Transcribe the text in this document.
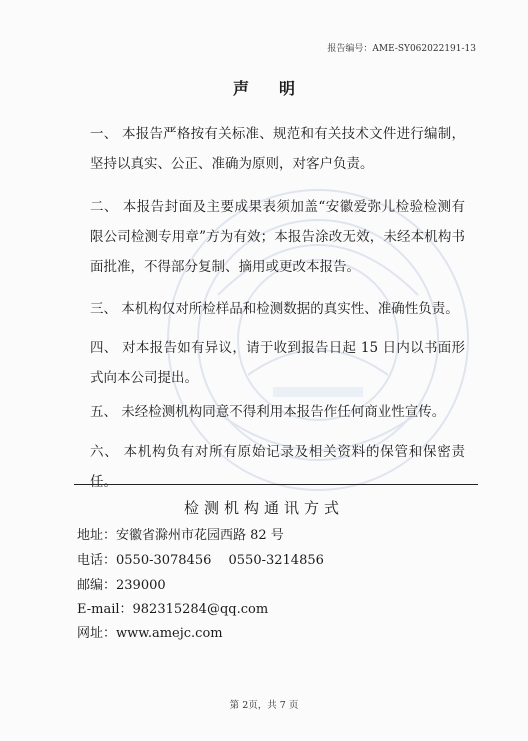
报告编号：AME-SY062022191-13
声明
一、 本报告严格按有关标准、规范和有关技术文件进行编制，坚持以真实、公正、准确为原则，对客户负责。
二、 本报告封面及主要成果表须加盖“安徽爱弥儿检验检测有限公司检测专用章”方为有效；本报告涂改无效，未经本机构书面批准，不得部分复制、摘用或更改本报告。
三、 本机构仅对所检样品和检测数据的真实性、准确性负责。
四、 对本报告如有异议，请于收到报告日起 15 日内以书面形式向本公司提出。
五、 未经检测机构同意不得利用本报告作任何商业性宣传。
六、 本机构负有对所有原始记录及相关资料的保管和保密责任。
检测机构通讯方式
地址：安徽省滁州市花园西路 82 号
电话：0550-3078456　 0550-3214856
邮编：239000
E-mail：982315284@qq.com
网址：www.amejc.com
第 2页，共 7 页
